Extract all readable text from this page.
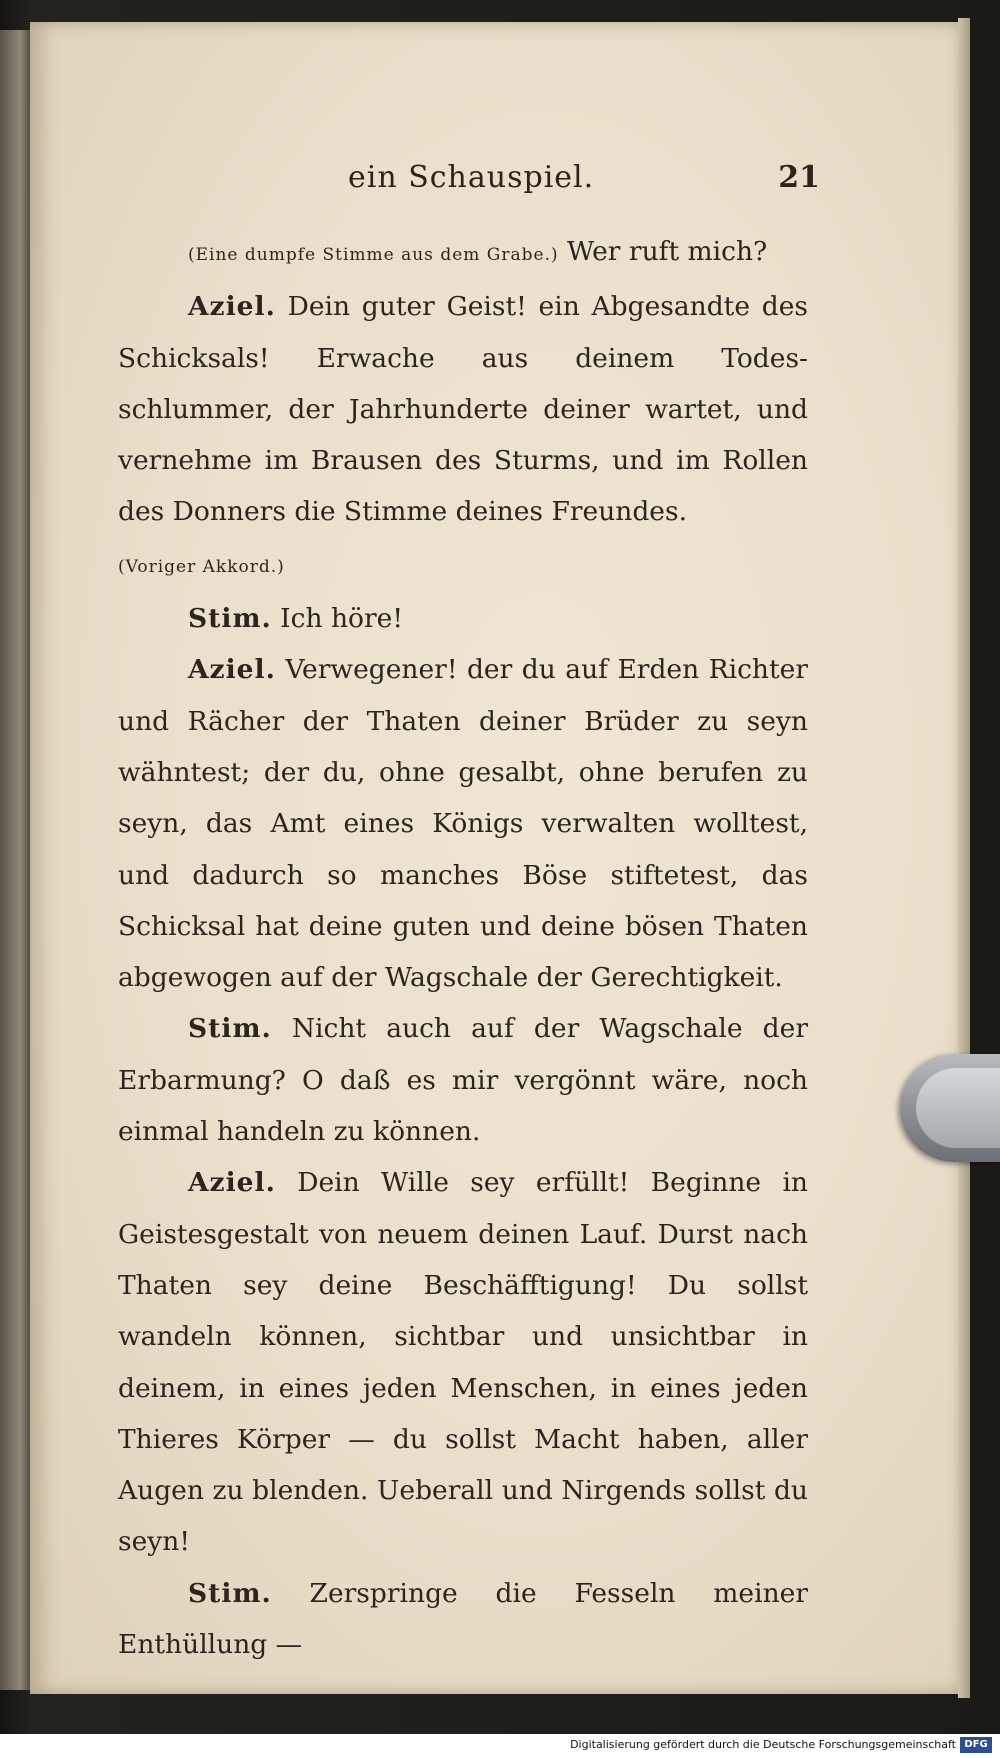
ein Schauspiel.	21

(Eine dumpfe Stimme aus dem Grabe.) Wer ruft mich?

Aziel. Dein guter Geist! ein Abgesandte des Schicksals! Erwache aus deinem Todes-schlummer, der Jahrhunderte deiner wartet, und vernehme im Brausen des Sturms, und im Rollen des Donners die Stimme deines Freundes.

(Voriger Akkord.)

Stim. Ich höre!

Aziel. Verwegener! der du auf Erden Richter und Rächer der Thaten deiner Brüder zu seyn wähntest; der du, ohne gesalbt, ohne berufen zu seyn, das Amt eines Königs verwalten wolltest, und dadurch so manches Böse stiftetest, das Schicksal hat deine guten und deine bösen Thaten abgewogen auf der Wagschale der Gerechtigkeit.

Stim. Nicht auch auf der Wagschale der Erbarmung? O daß es mir vergönnt wäre, noch einmal handeln zu können.

Aziel. Dein Wille sey erfüllt! Beginne in Geistesgestalt von neuem deinen Lauf. Durst nach Thaten sey deine Beschäfftigung! Du sollst wandeln können, sichtbar und unsichtbar in deinem, in eines jeden Menschen, in eines jeden Thieres Körper — du sollst Macht haben, aller Augen zu blenden. Ueberall und Nirgends sollst du seyn!

Stim. Zerspringe die Fesseln meiner Enthüllung —

Digitalisierung gefördert durch die Deutsche Forschungsgemeinschaft DFG
